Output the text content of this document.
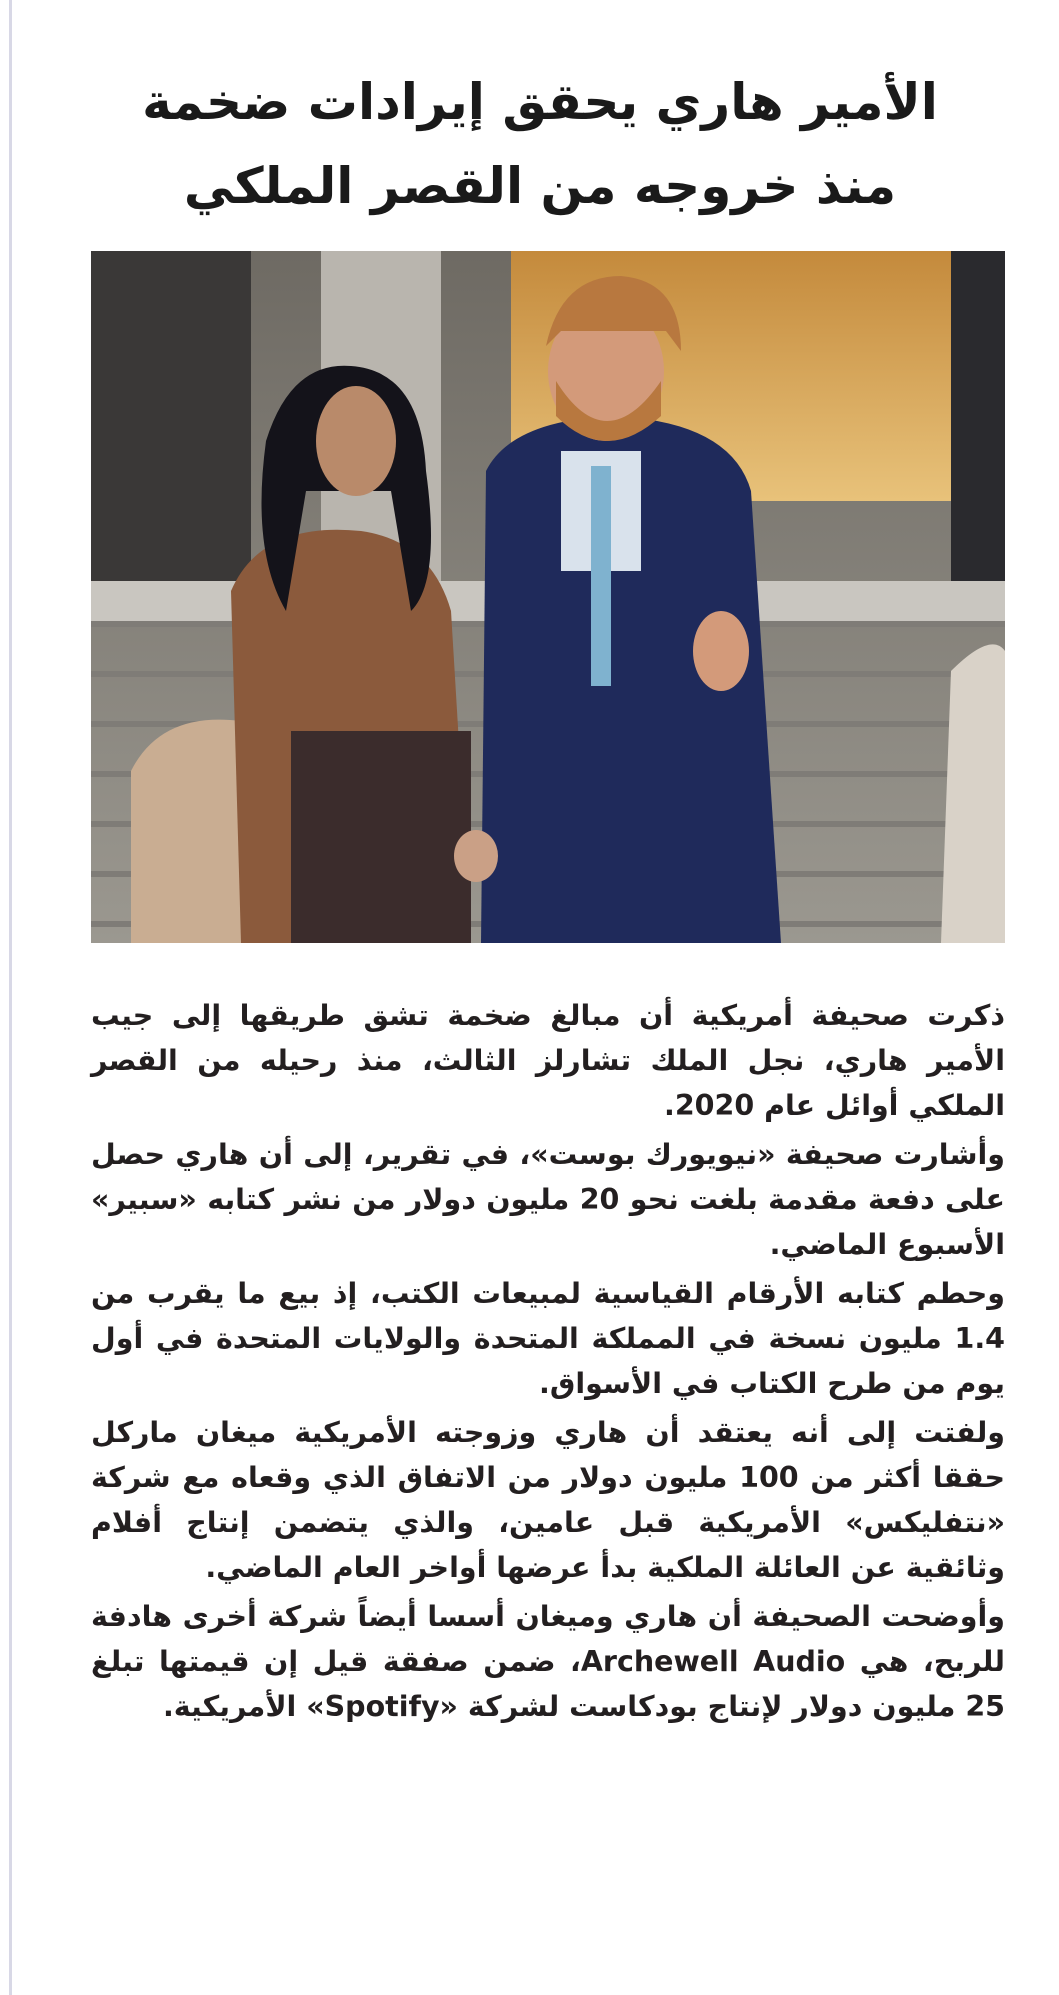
الأمير هاري يحقق إيرادات ضخمة
منذ خروجه من القصر الملكي

ذكرت صحيفة أمريكية أن مبالغ ضخمة تشق طريقها إلى جيب الأمير هاري، نجل الملك تشارلز الثالث، منذ رحيله من القصر الملكي أوائل عام 2020.

وأشارت صحيفة «نيويورك بوست»، في تقرير، إلى أن هاري حصل على دفعة مقدمة بلغت نحو 20 مليون دولار من نشر كتابه «سبير» الأسبوع الماضي.

وحطم كتابه الأرقام القياسية لمبيعات الكتب، إذ بيع ما يقرب من 1.4 مليون نسخة في المملكة المتحدة والولايات المتحدة في أول يوم من طرح الكتاب في الأسواق.

ولفتت إلى أنه يعتقد أن هاري وزوجته الأمريكية ميغان ماركل حققا أكثر من 100 مليون دولار من الاتفاق الذي وقعاه مع شركة «نتفليكس» الأمريكية قبل عامين، والذي يتضمن إنتاج أفلام وثائقية عن العائلة الملكية بدأ عرضها أواخر العام الماضي.

وأوضحت الصحيفة أن هاري وميغان أسسا أيضاً شركة أخرى هادفة للربح، هي Archewell Audio، ضمن صفقة قيل إن قيمتها تبلغ 25 مليون دولار لإنتاج بودكاست لشركة «Spotify» الأمريكية.
